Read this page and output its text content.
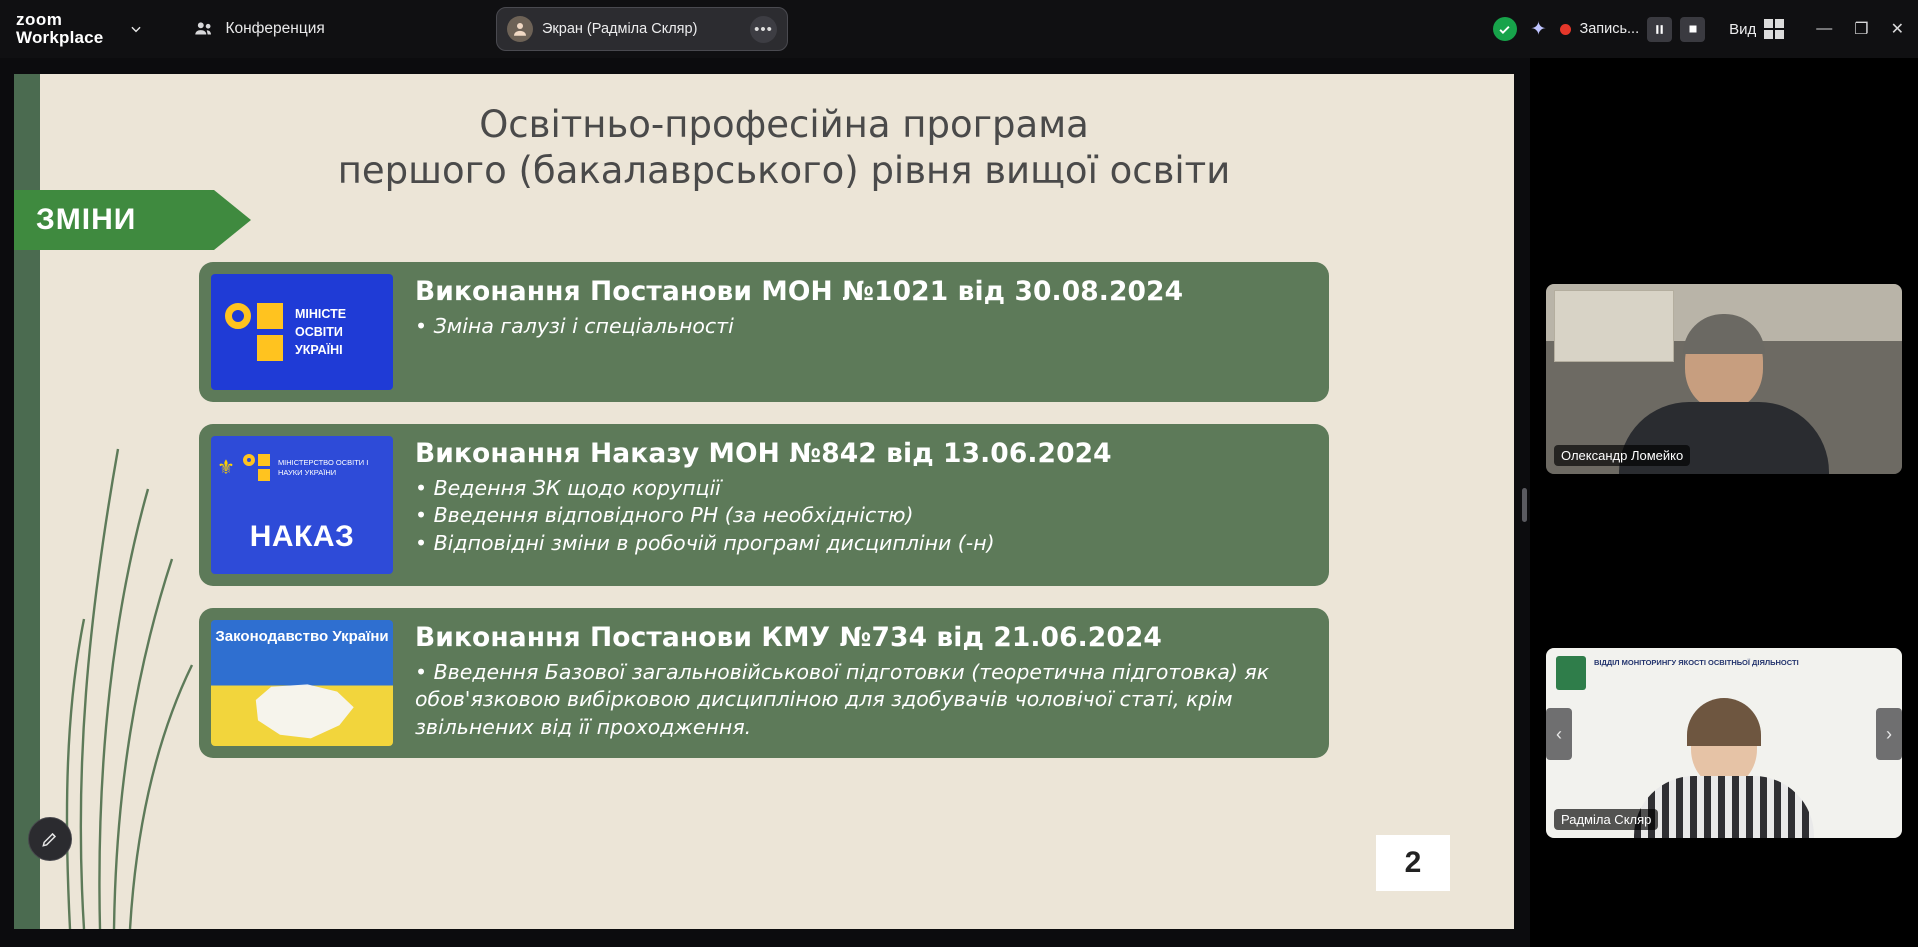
zoom
Workplace	Конференция	Экран (Радміла Скляр)	•••	✦ Запись...	Вид	— ❐ ✕
Освітньо-професійна програма
першого (бакалаврського) рівня вищої освіти
ЗМІНИ
МІНІСТЕ
ОСВІТИ
УКРАЇНІ
Виконання Постанови МОН №1021 від 30.08.2024
• Зміна галузі і спеціальності
⚜	МІНІСТЕРСТВО ОСВІТИ І НАУКИ УКРАЇНИ
НАКАЗ
Виконання Наказу МОН №842 від 13.06.2024
• Ведення ЗК щодо корупції
• Введення відповідного РН (за необхідністю)
• Відповідні зміни в робочій програмі дисципліни (-н)
Законодавство України Виконання Постанови КМУ №734 від 21.06.2024
• Введення Базової загальновійськової підготовки (теоретична підготовка) як обов'язковою вибірковою дисципліною для здобувачів чоловічої статі, крім звільнених від її проходження.
2
Олександр Ломейко
ВІДДІЛ МОНІТОРИНГУ ЯКОСТІ ОСВІТНЬОЇ ДІЯЛЬНОСТІ
Радміла Скляр
‹	›
